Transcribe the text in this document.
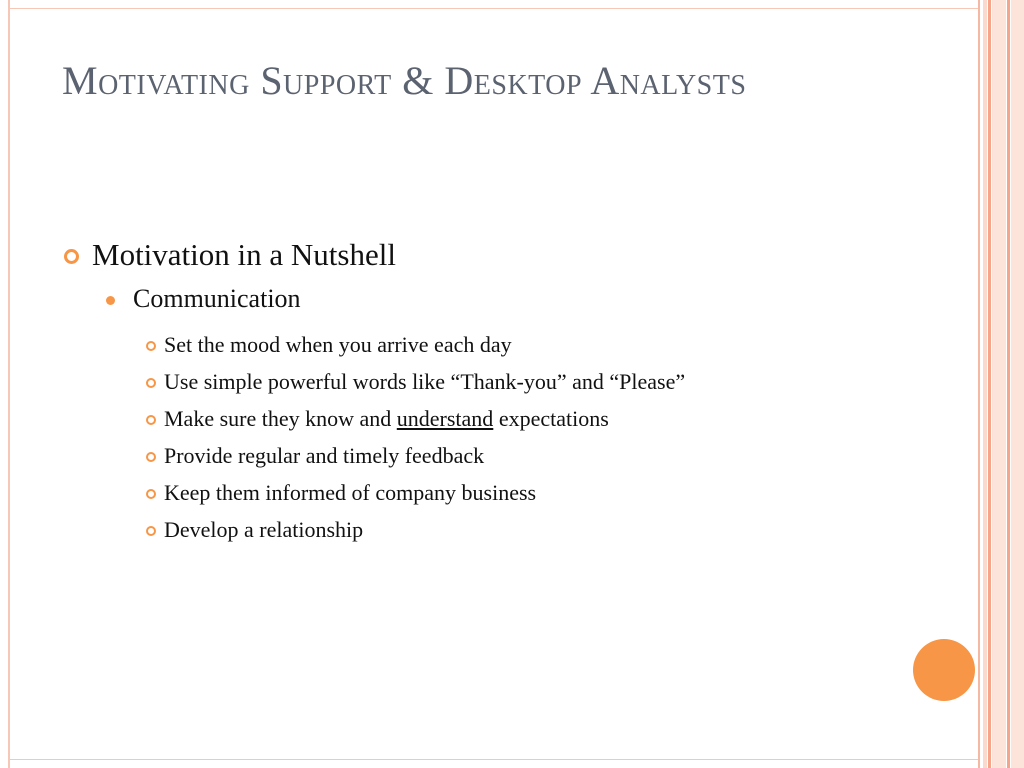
Motivating Support & Desktop Analysts
Motivation in a Nutshell
Communication
Set the mood when you arrive each day
Use simple powerful words like “Thank-you” and “Please”
Make sure they know and understand expectations
Provide regular and timely feedback
Keep them informed of company business
Develop a relationship
